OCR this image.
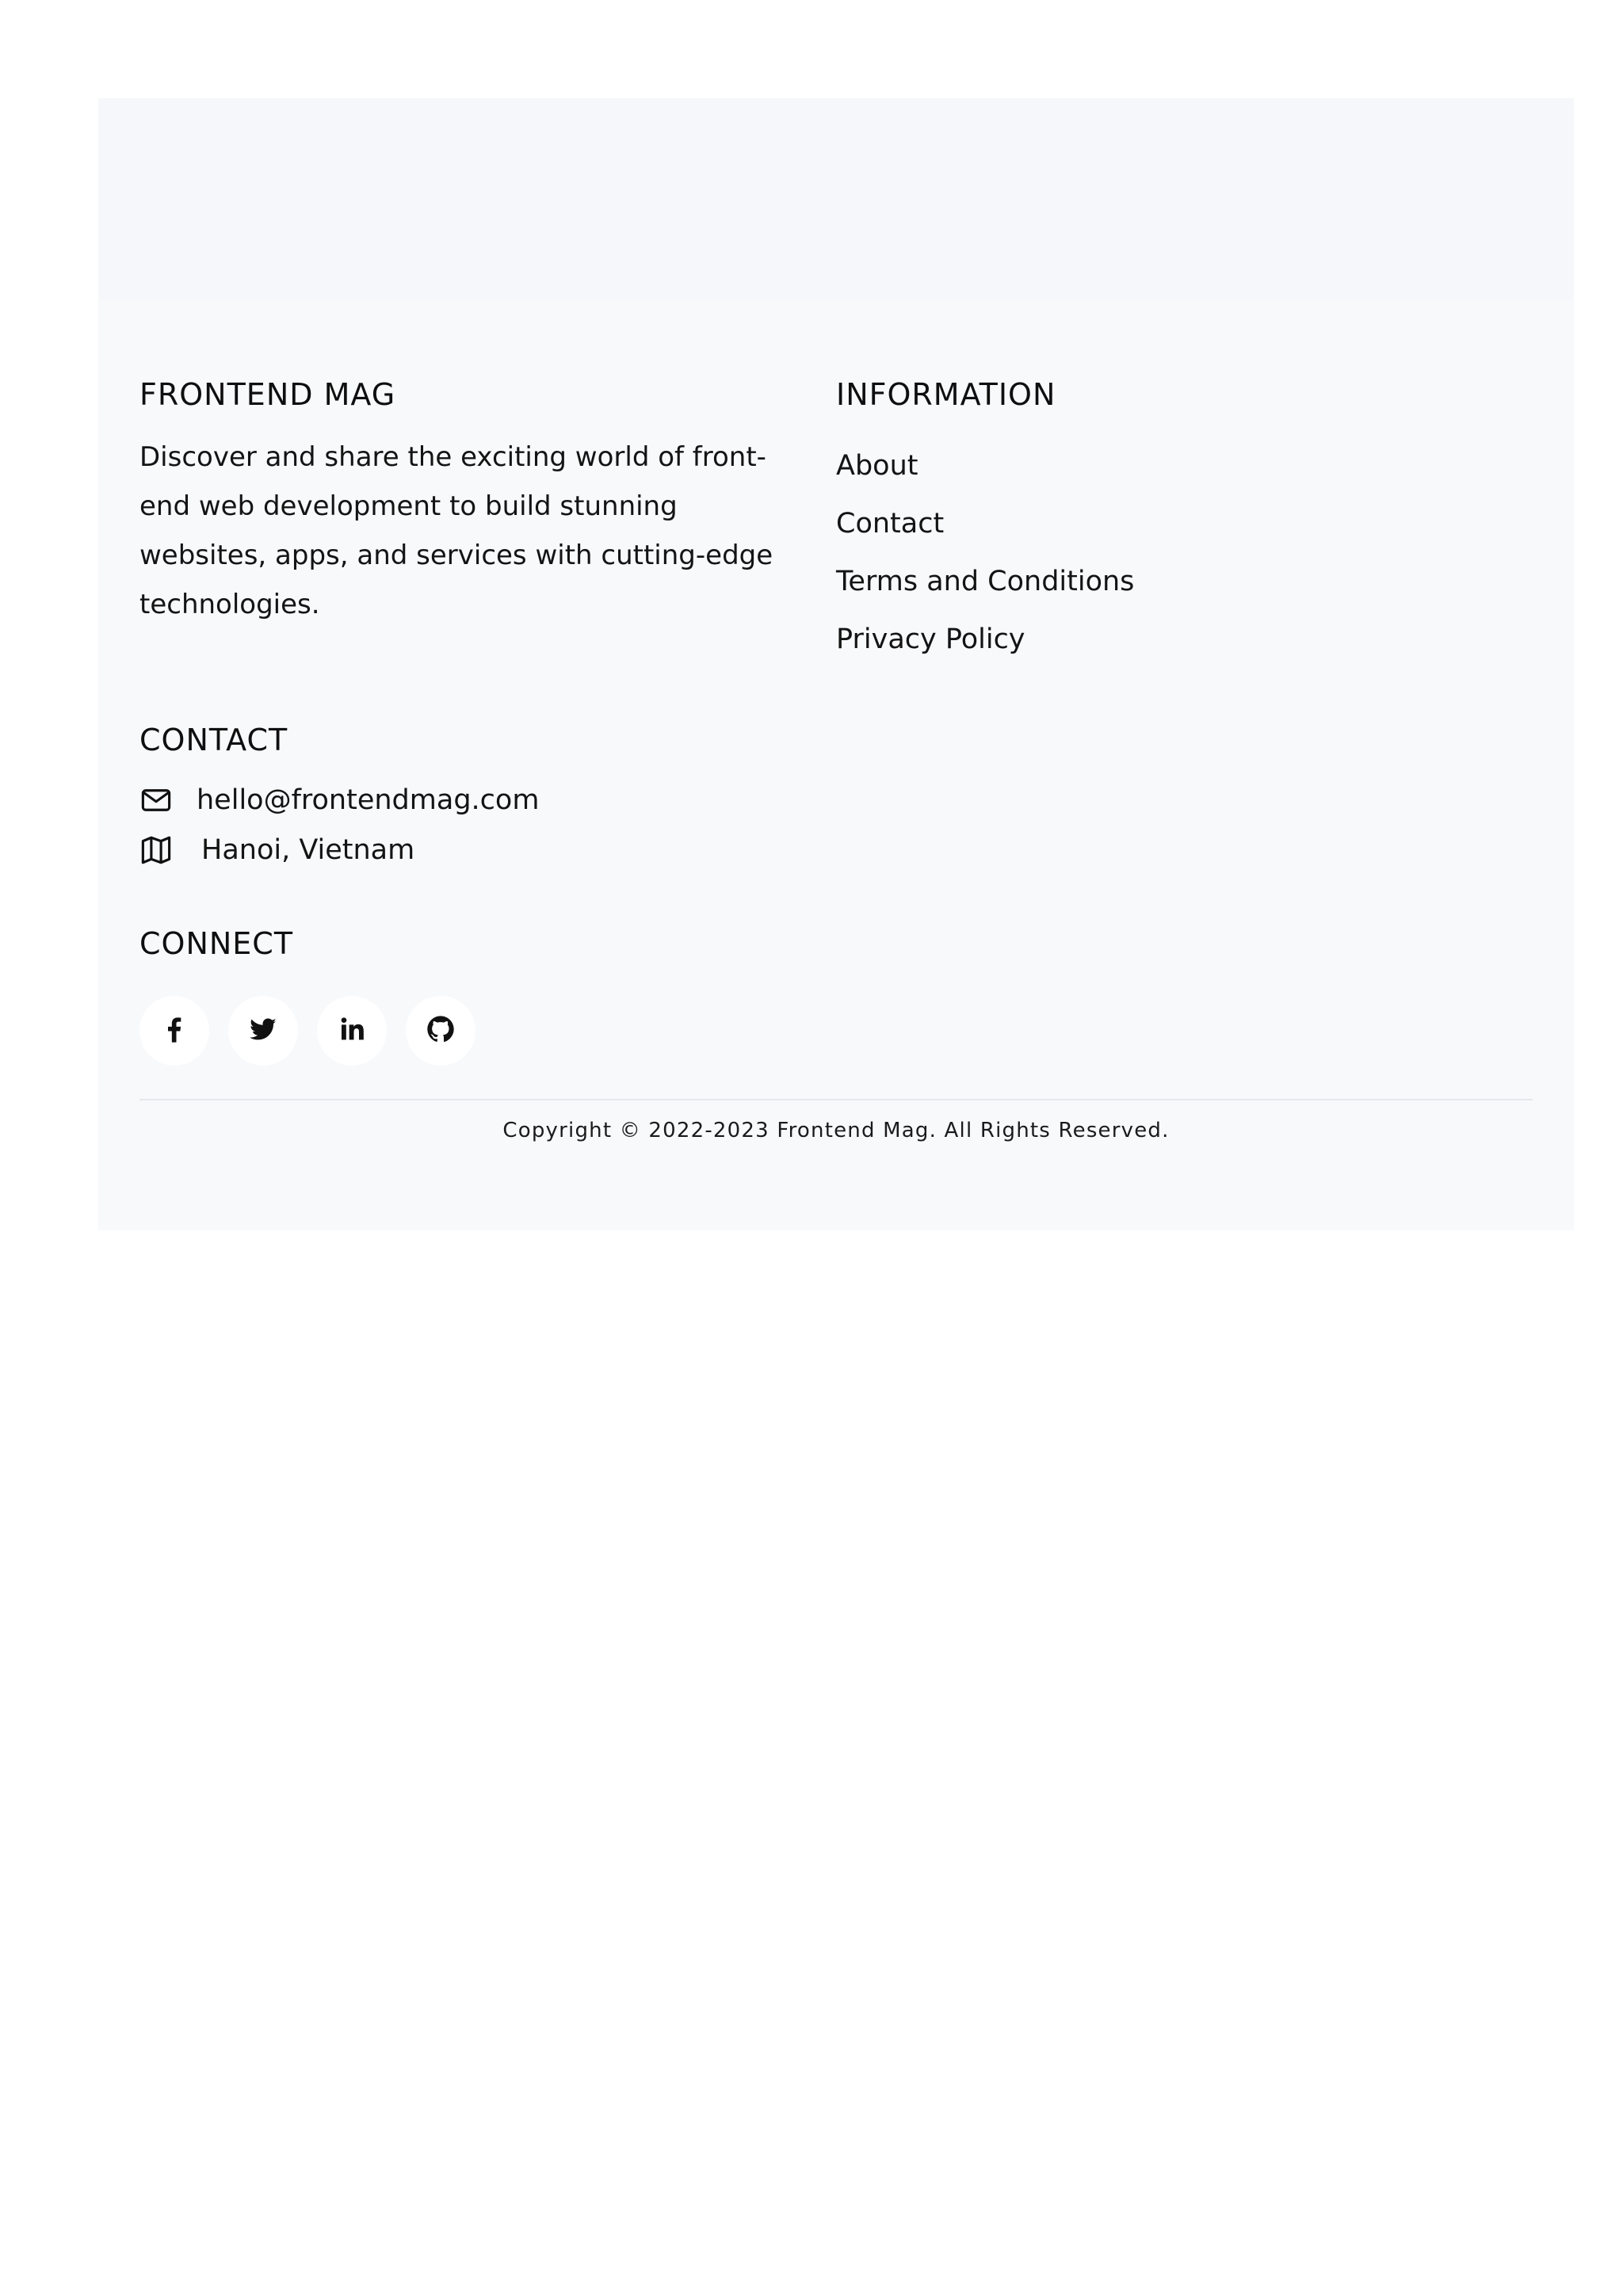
FRONTEND MAG

Discover and share the exciting world of front-end web development to build stunning websites, apps, and services with cutting-edge technologies.

INFORMATION
About
Contact
Terms and Conditions
Privacy Policy
CONTACT
hello@frontendmag.com
Hanoi, Vietnam
CONNECT
Copyright © 2022-2023 Frontend Mag. All Rights Reserved.
